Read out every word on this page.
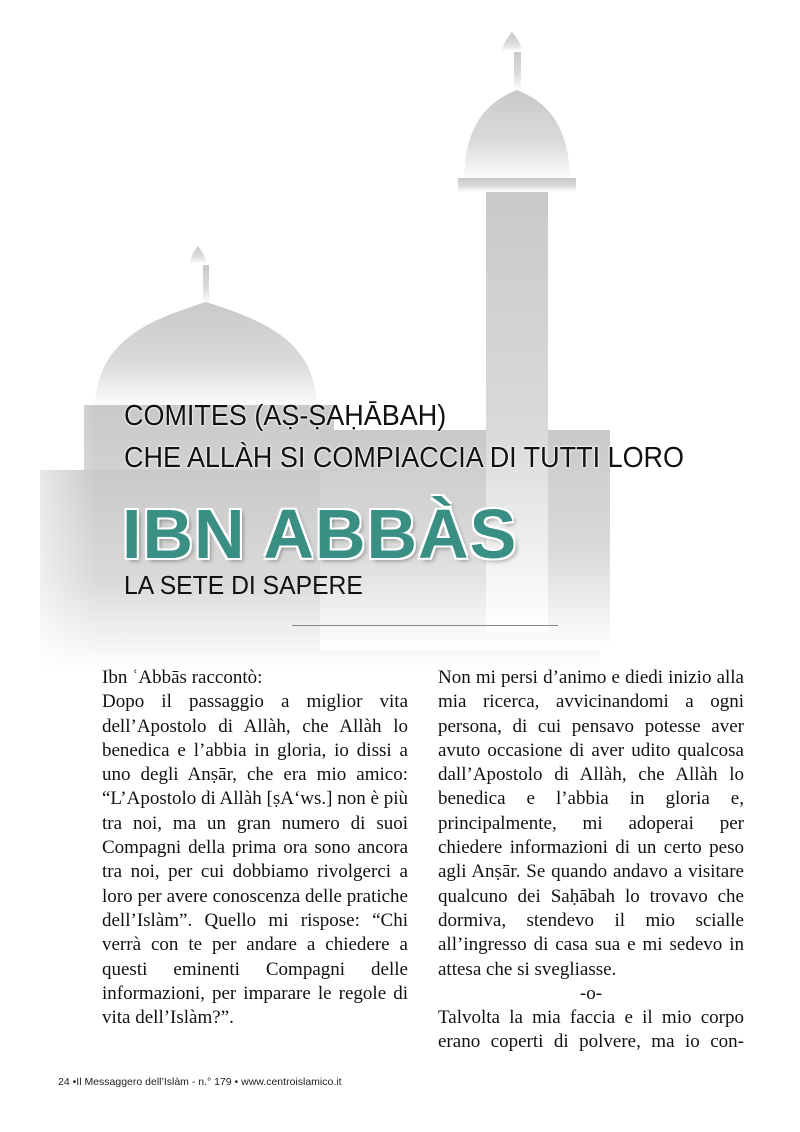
COMITES (AṢ-ṢAḤĀBAH)
CHE ALLÀH SI COMPIACCIA DI TUTTI LORO
IBN ABBÀS
LA SETE DI SAPERE

Ibn ʿAbbās raccontò:

Dopo il passaggio a miglior vita dell’Apostolo di Allàh, che Allàh lo benedica e l’abbia in gloria, io dissi a uno degli Anṣār, che era mio amico: “L’Apostolo di Allàh [ṣAʻws.] non è più tra noi, ma un gran numero di suoi Compagni della prima ora sono ancora tra noi, per cui dobbiamo rivolgerci a loro per avere conoscenza delle pratiche dell’Islàm”. Quello mi rispose: “Chi verrà con te per andare a chiedere a questi eminenti Compagni delle informazioni, per imparare le regole di vita dell’Islàm?”.

Non mi persi d’animo e diedi inizio alla mia ricerca, avvicinandomi a ogni persona, di cui pensavo potesse aver avuto occasione di aver udito qualcosa dall’Apostolo di Allàh, che Allàh lo benedica e l’abbia in gloria e, principalmente, mi adoperai per chiedere informazioni di un certo peso agli Anṣār. Se quando andavo a visitare qualcuno dei Saḥābah lo trovavo che dormiva, stendevo il mio scialle all’ingresso di casa sua e mi sedevo in attesa che si svegliasse.

-o-

Talvolta la mia faccia e il mio corpo erano coperti di polvere, ma io con-

24 •Il Messaggero dell’Islàm - n.° 179 • www.centroislamico.it
